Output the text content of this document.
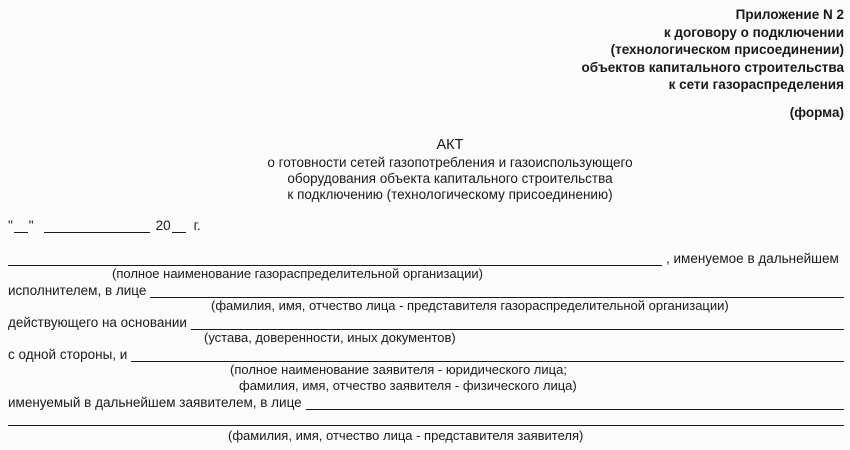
Приложение N 2
к договору о подключении
(технологическом присоединении)
объектов капитального строительства
к сети газораспределения
(форма)
АКТ
о готовности сетей газопотребления и газоиспользующего
оборудования объекта капитального строительства
к подключению (технологическому присоединению)
" "	20 г.
, именуемое в дальнейшем
(полное наименование газораспределительной организации)
исполнителем, в лице
(фамилия, имя, отчество лица - представителя газораспределительной организации)
действующего на основании
(устава, доверенности, иных документов)
с одной стороны, и
(полное наименование заявителя - юридического лица;
фамилия, имя, отчество заявителя - физического лица)
именуемый в дальнейшем заявителем, в лице
(фамилия, имя, отчество лица - представителя заявителя)
